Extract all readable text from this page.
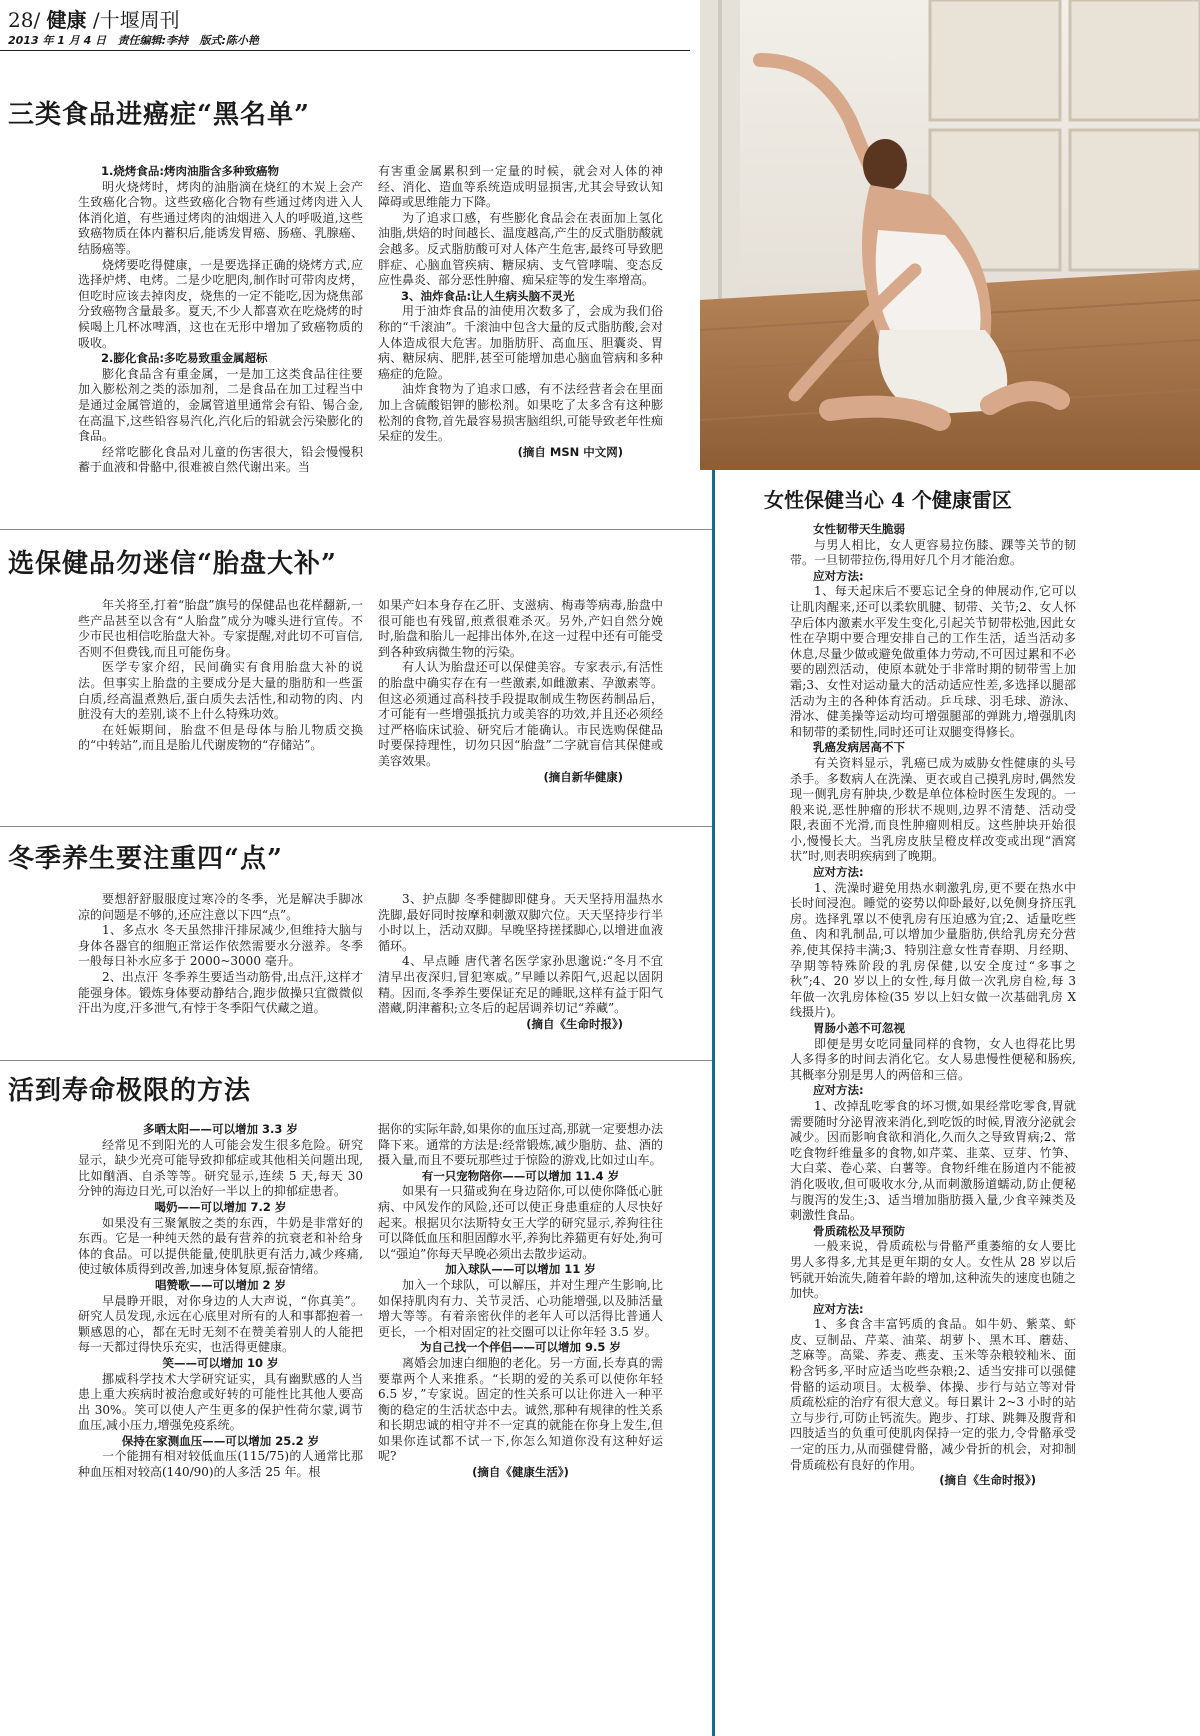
28/ 健康 /十堰周刊
2013 年 1 月 4 日 责任编辑:李持 版式:陈小艳
三类食品进癌症“黑名单”
1.烧烤食品:烤肉油脂含多种致癌物

明火烧烤时，烤肉的油脂滴在烧红的木炭上会产生致癌化合物。这些致癌化合物有些通过烤肉进入人体消化道，有些通过烤肉的油烟进入人的呼吸道,这些致癌物质在体内蓄积后,能诱发胃癌、肠癌、乳腺癌、结肠癌等。

烧烤要吃得健康，一是要选择正确的烧烤方式,应选择炉烤、电烤。二是少吃肥肉,制作时可带肉皮烤，但吃时应该去掉肉皮，烧焦的一定不能吃,因为烧焦部分致癌物含量最多。夏天,不少人都喜欢在吃烧烤的时候喝上几杯冰啤酒，这也在无形中增加了致癌物质的吸收。

2.膨化食品:多吃易致重金属超标

膨化食品含有重金属，一是加工这类食品往往要加入膨松剂之类的添加剂，二是食品在加工过程当中是通过金属管道的，金属管道里通常会有铅、锡合金,在高温下,这些铅容易汽化,汽化后的铅就会污染膨化的食品。

经常吃膨化食品对儿童的伤害很大，铅会慢慢积蓄于血液和骨骼中,很难被自然代谢出来。当

有害重金属累积到一定量的时候，就会对人体的神经、消化、造血等系统造成明显损害,尤其会导致认知障碍或思维能力下降。

为了追求口感，有些膨化食品会在表面加上氢化油脂,烘焙的时间越长、温度越高,产生的反式脂肪酸就会越多。反式脂肪酸可对人体产生危害,最终可导致肥胖症、心脑血管疾病、糖尿病、支气管哮喘、变态反应性鼻炎、部分恶性肿瘤、痴呆症等的发生率增高。

3、油炸食品:让人生病头脑不灵光

用于油炸食品的油使用次数多了，会成为我们俗称的“千滚油”。千滚油中包含大量的反式脂肪酸,会对人体造成很大危害。加脂肪肝、高血压、胆囊炎、胃病、糖尿病、肥胖,甚至可能增加患心脑血管病和多种癌症的危险。

油炸食物为了追求口感，有不法经营者会在里面加上含硫酸铝钾的膨松剂。如果吃了太多含有这种膨松剂的食物,首先最容易损害脑组织,可能导致老年性痴呆症的发生。

(摘自 MSN 中文网)
选保健品勿迷信“胎盘大补”

年关将至,打着“胎盘”旗号的保健品也花样翻新,一些产品甚至以含有“人胎盘”成分为噱头进行宣传。不少市民也相信吃胎盘大补。专家提醒,对此切不可盲信,否则不但费钱,而且可能伤身。

医学专家介绍，民间确实有食用胎盘大补的说法。但事实上胎盘的主要成分是大量的脂肪和一些蛋白质,经高温煮熟后,蛋白质失去活性,和动物的肉、内脏没有大的差别,谈不上什么特殊功效。

在妊娠期间，胎盘不但是母体与胎儿物质交换的“中转站”,而且是胎儿代谢废物的“存储站”。

如果产妇本身存在乙肝、支滋病、梅毒等病毒,胎盘中很可能也有残留,煎煮很难杀灭。另外,产妇自然分娩时,胎盘和胎儿一起排出体外,在这一过程中还有可能受到各种致病微生物的污染。

有人认为胎盘还可以保健美容。专家表示,有活性的胎盘中确实存在有一些激素,如雌激素、孕激素等。但这必须通过高科技手段提取制成生物医药制品后，才可能有一些增强抵抗力或美容的功效,并且还必须经过严格临床试验、研究后才能确认。市民选购保健品时要保持理性，切勿只因“胎盘”二字就盲信其保健或美容效果。

(摘自新华健康)
冬季养生要注重四“点”

要想舒舒服服度过寒冷的冬季，光是解决手脚冰凉的问题是不够的,还应注意以下四“点”。

1、多点水 冬天虽然排汗排尿减少,但维持大脑与身体各器官的细胞正常运作依然需要水分滋养。冬季一般每日补水应多于 2000~3000 毫升。

2、出点汗 冬季养生要适当动筋骨,出点汗,这样才能强身体。锻炼身体要动静结合,跑步做操只宜微微似汗出为度,汗多泄气,有悖于冬季阳气伏藏之道。

3、护点脚 冬季健脚即健身。天天坚持用温热水洗脚,最好同时按摩和刺激双脚穴位。天天坚持步行半小时以上，活动双脚。早晚坚持搓揉脚心,以增进血液循环。

4、早点睡 唐代著名医学家孙思邈说:“冬月不宜清早出夜深归,冒犯寒威。”早睡以养阳气,迟起以固阴精。因而,冬季养生要保证充足的睡眠,这样有益于阳气潜藏,阴津蓄积;立冬后的起居调养切记“养藏”。

(摘自《生命时报》)
活到寿命极限的方法
多晒太阳——可以增加 3.3 岁

经常见不到阳光的人可能会发生很多危险。研究显示，缺少光亮可能导致抑郁症或其他相关问题出现,比如酗酒、自杀等等。研究显示,连续 5 天,每天 30 分钟的海边日光,可以治好一半以上的抑郁症患者。

喝奶——可以增加 7.2 岁

如果没有三聚氰胺之类的东西，牛奶是非常好的东西。它是一种纯天然的最有营养的抗衰老和补给身体的食品。可以提供能量,使肌肤更有活力,减少疼痛,使过敏体质得到改善,加速身体复原,振奋情绪。

唱赞歌——可以增加 2 岁

早晨睁开眼，对你身边的人大声说，“你真美”。研究人员发现,永远在心底里对所有的人和事都抱着一颗感恩的心，都在无时无刻不在赞美着别人的人能把每一天都过得快乐充实，也活得更健康。

笑——可以增加 10 岁

挪威科学技术大学研究证实，具有幽默感的人当患上重大疾病时被治愈或好转的可能性比其他人要高出 30%。笑可以使人产生更多的保护性荷尔蒙,调节血压,减小压力,增强免疫系统。

保持在家测血压——可以增加 25.2 岁

一个能拥有相对较低血压(115/75)的人通常比那种血压相对较高(140/90)的人多活 25 年。根

据你的实际年龄,如果你的血压过高,那就一定要想办法降下来。通常的方法是:经常锻炼,减少脂肪、盐、酒的摄入量,而且不要玩那些过于惊险的游戏,比如过山车。

有一只宠物陪你——可以增加 11.4 岁

如果有一只猫或狗在身边陪你,可以使你降低心脏病、中风发作的风险,还可以使正身患重症的人尽快好起来。根据贝尔法斯特女王大学的研究显示,养狗往往可以降低血压和胆固醇水平,养狗比养猫更有好处,狗可以“强迫”你每天早晚必须出去散步运动。

加入球队——可以增加 11 岁

加入一个球队，可以解压，并对生理产生影响,比如保持肌肉有力、关节灵活、心功能增强,以及肺活量增大等等。有着亲密伙伴的老年人可以活得比普通人更长，一个相对固定的社交圈可以让你年轻 3.5 岁。

为自己找一个伴侣——可以增加 9.5 岁

离婚会加速白细胞的老化。另一方面,长寿真的需要靠两个人来推系。“长期的爱的关系可以使你年轻 6.5 岁，”专家说。固定的性关系可以让你进入一种平衡的稳定的生活状态中去。诚然,那种有规律的性关系和长期忠诚的相守并不一定真的就能在你身上发生,但如果你连试都不试一下,你怎么知道你没有这种好运呢?

(摘自《健康生活》)
女性保健当心 4 个健康雷区
女性韧带天生脆弱

与男人相比，女人更容易拉伤膝、踝等关节的韧带。一旦韧带拉伤,得用好几个月才能治愈。

应对方法:

1、每天起床后不要忘记全身的伸展动作,它可以让肌肉醒来,还可以柔软肌腱、韧带、关节;2、女人怀孕后体内激素水平发生变化,引起关节韧带松弛,因此女性在孕期中要合理安排自己的工作生活，适当活动多休息,尽量少做或避免做重体力劳动,不可因过累和不必要的剧烈活动，使原本就处于非常时期的韧带雪上加霜;3、女性对运动量大的活动适应性差,多选择以腿部活动为主的各种体育活动。乒乓球、羽毛球、游泳、滑冰、健美操等运动均可增强腿部的弹跳力,增强肌肉和韧带的柔韧性,同时还可让双腿变得修长。

乳癌发病居高不下

有关资料显示，乳癌已成为威胁女性健康的头号杀手。多数病人在洗澡、更衣或自己摸乳房时,偶然发现一侧乳房有肿块,少数是单位体检时医生发现的。一般来说,恶性肿瘤的形状不规则,边界不清楚、活动受限,表面不光滑,而良性肿瘤则相反。这些肿块开始很小,慢慢长大。当乳房皮肤呈橙皮样改变或出现“酒窝状”时,则表明疾病到了晚期。

应对方法:

1、洗澡时避免用热水刺激乳房,更不要在热水中长时间浸泡。睡觉的姿势以仰卧最好,以免侧身挤压乳房。选择乳罩以不使乳房有压迫感为宜;2、适量吃些鱼、肉和乳制品,可以增加少量脂肪,供给乳房充分营养,使其保持丰满;3、特别注意女性青春期、月经期、孕期等特殊阶段的乳房保健,以安全度过“多事之秋”;4、20 岁以上的女性,每月做一次乳房自检,每 3 年做一次乳房体检(35 岁以上妇女做一次基础乳房 X 线摄片)。

胃肠小恙不可忽视

即便是男女吃同量同样的食物，女人也得花比男人多得多的时间去消化它。女人易患慢性便秘和肠疾,其概率分别是男人的两倍和三倍。

应对方法:

1、改掉乱吃零食的坏习惯,如果经常吃零食,胃就需要随时分泌胃液来消化,到吃饭的时候,胃液分泌就会减少。因而影响食欲和消化,久而久之导致胃病;2、常吃食物纤维量多的食物,如芹菜、韭菜、豆芽、竹笋、大白菜、卷心菜、白薯等。食物纤维在肠道内不能被消化吸收,但可吸收水分,从而刺激肠道蠕动,防止便秘与腹泻的发生;3、适当增加脂肪摄入量,少食辛辣类及刺激性食品。

骨质疏松及早预防

一般来说，骨质疏松与骨骼严重萎缩的女人要比男人多得多,尤其是更年期的女人。女性从 28 岁以后钙就开始流失,随着年龄的增加,这种流失的速度也随之加快。

应对方法:

1、多食含丰富钙质的食品。如牛奶、紫菜、虾皮、豆制品、芹菜、油菜、胡萝卜、黑木耳、蘑菇、芝麻等。高粱、荞麦、燕麦、玉米等杂粮较籼米、面粉含钙多,平时应适当吃些杂粮;2、适当安排可以强健骨骼的运动项目。太极拳、体操、步行与站立等对骨质疏松症的治疗有很大意义。每日累计 2~3 小时的站立与步行,可防止钙流失。跑步、打球、跳舞及腹背和四肢适当的负重可使肌肉保持一定的张力,令骨骼承受一定的压力,从而强健骨骼，减少骨折的机会，对抑制骨质疏松有良好的作用。

(摘自《生命时报》)
